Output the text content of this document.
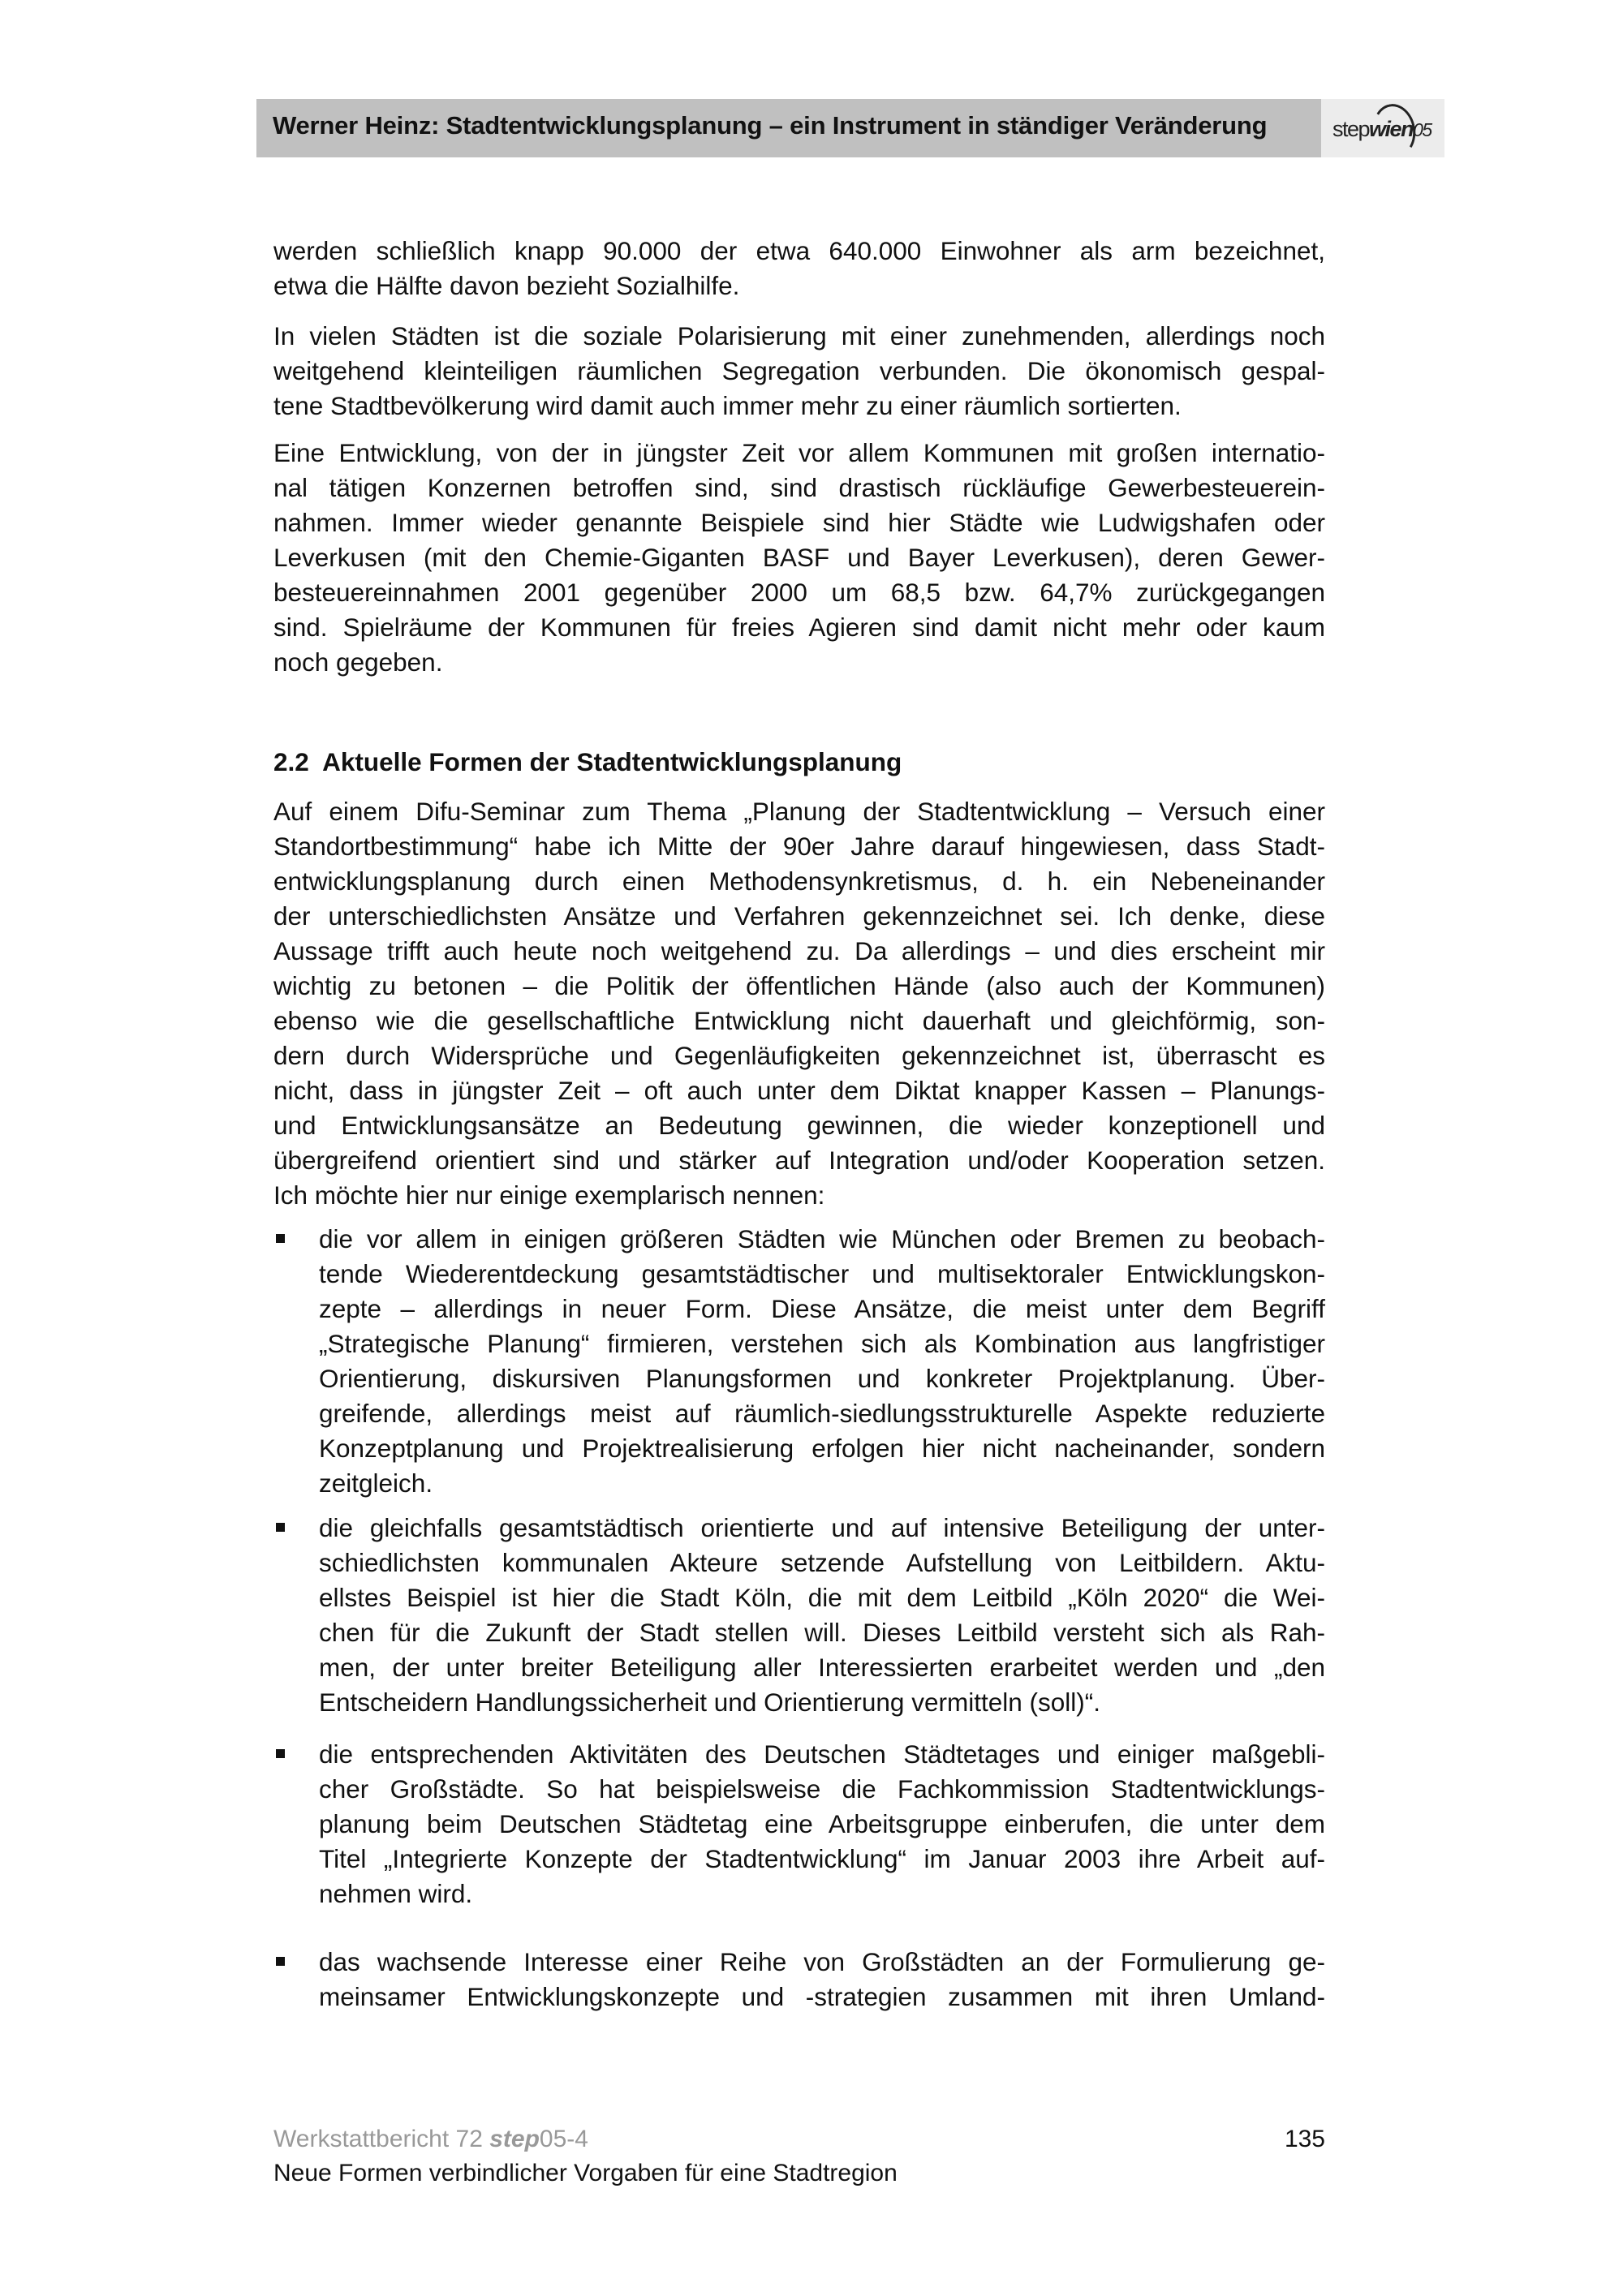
Werner Heinz: Stadtentwicklungsplanung – ein Instrument in ständiger Veränderung	stepwien05
werden schließlich knapp 90.000 der etwa 640.000 Einwohner als arm bezeichnet,
etwa die Hälfte davon bezieht Sozialhilfe.
In vielen Städten ist die soziale Polarisierung mit einer zunehmenden, allerdings noch
weitgehend kleinteiligen räumlichen Segregation verbunden. Die ökonomisch gespal-
tene Stadtbevölkerung wird damit auch immer mehr zu einer räumlich sortierten.
Eine Entwicklung, von der in jüngster Zeit vor allem Kommunen mit großen internatio-
nal tätigen Konzernen betroffen sind, sind drastisch rückläufige Gewerbesteuerein-
nahmen. Immer wieder genannte Beispiele sind hier Städte wie Ludwigshafen oder
Leverkusen (mit den Chemie-Giganten BASF und Bayer Leverkusen), deren Gewer-
besteuereinnahmen 2001 gegenüber 2000 um 68,5 bzw. 64,7% zurückgegangen
sind. Spielräume der Kommunen für freies Agieren sind damit nicht mehr oder kaum
noch gegeben.
2.2  Aktuelle Formen der Stadtentwicklungsplanung
Auf einem Difu-Seminar zum Thema „Planung der Stadtentwicklung – Versuch einer
Standortbestimmung“ habe ich Mitte der 90er Jahre darauf hingewiesen, dass Stadt-
entwicklungsplanung durch einen Methodensynkretismus, d. h. ein Nebeneinander
der unterschiedlichsten Ansätze und Verfahren gekennzeichnet sei. Ich denke, diese
Aussage trifft auch heute noch weitgehend zu. Da allerdings – und dies erscheint mir
wichtig zu betonen – die Politik der öffentlichen Hände (also auch der Kommunen)
ebenso wie die gesellschaftliche Entwicklung nicht dauerhaft und gleichförmig, son-
dern durch Widersprüche und Gegenläufigkeiten gekennzeichnet ist, überrascht es
nicht, dass in jüngster Zeit – oft auch unter dem Diktat knapper Kassen – Planungs-
und Entwicklungsansätze an Bedeutung gewinnen, die wieder konzeptionell und
übergreifend orientiert sind und stärker auf Integration und/oder Kooperation setzen.
Ich möchte hier nur einige exemplarisch nennen:
die vor allem in einigen größeren Städten wie München oder Bremen zu beobach-
tende Wiederentdeckung gesamtstädtischer und multisektoraler Entwicklungskon-
zepte – allerdings in neuer Form. Diese Ansätze, die meist unter dem Begriff
„Strategische Planung“ firmieren, verstehen sich als Kombination aus langfristiger
Orientierung, diskursiven Planungsformen und konkreter Projektplanung. Über-
greifende, allerdings meist auf räumlich-siedlungsstrukturelle Aspekte reduzierte
Konzeptplanung und Projektrealisierung erfolgen hier nicht nacheinander, sondern
zeitgleich.
die gleichfalls gesamtstädtisch orientierte und auf intensive Beteiligung der unter-
schiedlichsten kommunalen Akteure setzende Aufstellung von Leitbildern. Aktu-
ellstes Beispiel ist hier die Stadt Köln, die mit dem Leitbild „Köln 2020“ die Wei-
chen für die Zukunft der Stadt stellen will. Dieses Leitbild versteht sich als Rah-
men, der unter breiter Beteiligung aller Interessierten erarbeitet werden und „den
Entscheidern Handlungssicherheit und Orientierung vermitteln (soll)“.
die entsprechenden Aktivitäten des Deutschen Städtetages und einiger maßgebli-
cher Großstädte. So hat beispielsweise die Fachkommission Stadtentwicklungs-
planung beim Deutschen Städtetag eine Arbeitsgruppe einberufen, die unter dem
Titel „Integrierte Konzepte der Stadtentwicklung“ im Januar 2003 ihre Arbeit auf-
nehmen wird.
das wachsende Interesse einer Reihe von Großstädten an der Formulierung ge-
meinsamer Entwicklungskonzepte und -strategien zusammen mit ihren Umland-
Werkstattbericht 72 step05-4
Neue Formen verbindlicher Vorgaben für eine Stadtregion
135
